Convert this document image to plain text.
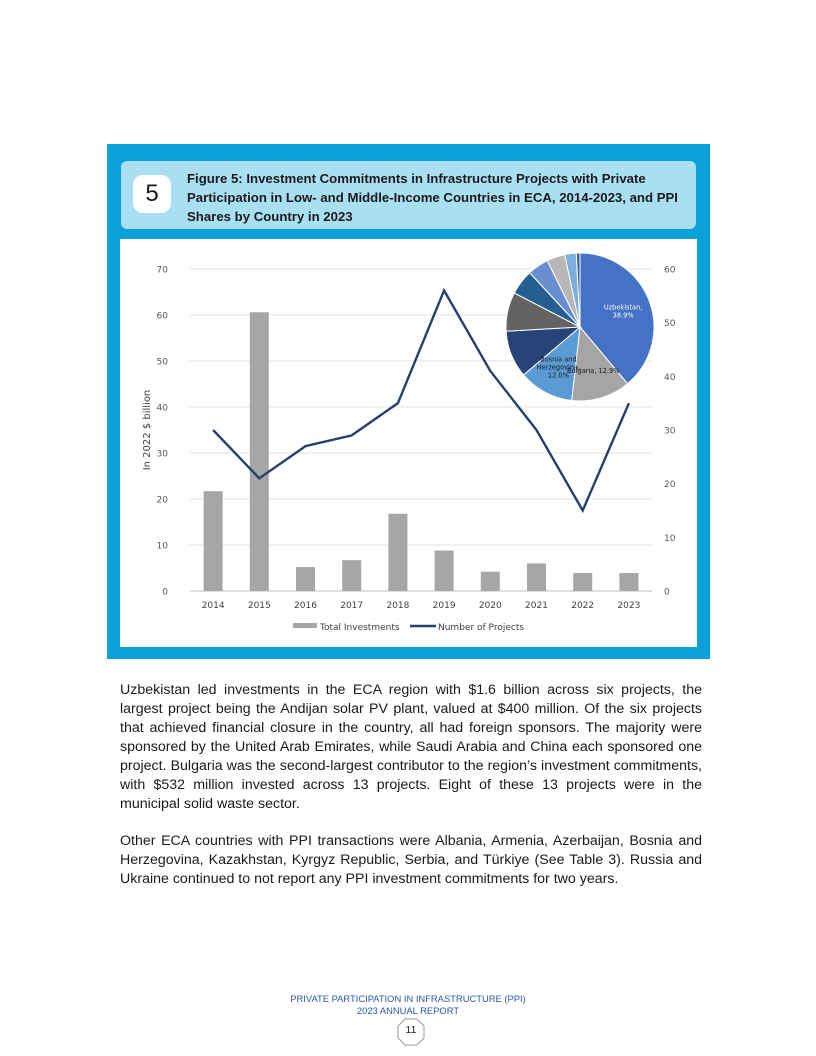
5
Figure 5: Investment Commitments in Infrastructure Projects with Private Participation in Low- and Middle-Income Countries in ECA, 2014-2023, and PPI Shares by Country in 2023
0
10
20
30
40
50
60
70
0
10
20
30
40
50
60
In 2022 $ billion
2014	2015	2016	2017	2018	2019	2020	2021	2022	2023
Total Investments	Number of Projects
Uzbekistan, 38.9%
Bulgaria, 12.9%
Bosnia and Herzegovina, 12.0%

Uzbekistan led investments in the ECA region with $1.6 billion across six projects, the largest project being the Andijan solar PV plant, valued at $400 million. Of the six projects that achieved financial closure in the country, all had foreign sponsors. The majority were sponsored by the United Arab Emirates, while Saudi Arabia and China each sponsored one project. Bulgaria was the second-largest contributor to the region’s investment commitments, with $532 million invested across 13 projects. Eight of these 13 projects were in the municipal solid waste sector.

Other ECA countries with PPI transactions were Albania, Armenia, Azerbaijan, Bosnia and Herzegovina, Kazakhstan, Kyrgyz Republic, Serbia, and Türkiye (See Table 3). Russia and Ukraine continued to not report any PPI investment commitments for two years.

PRIVATE PARTICIPATION IN INFRASTRUCTURE (PPI)
2023 ANNUAL REPORT
11
